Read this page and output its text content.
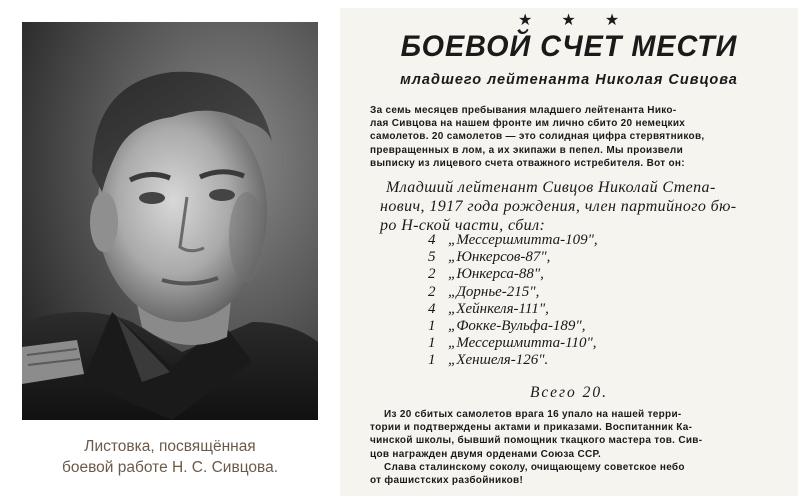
Листовка, посвящённая
боевой работе Н. С. Сивцова.
★ ★ ★
БОЕВОЙ СЧЕТ МЕСТИ
младшего лейтенанта Николая Сивцова
За семь месяцев пребывания младшего лейтенанта Нико-
лая Сивцова на нашем фронте им лично сбито 20 немецких
самолетов. 20 самолетов — это солидная цифра стервятников,
превращенных в лом, а их экипажи в пепел. Мы произвели
выписку из лицевого счета отважного истребителя. Вот он:
Младший лейтенант Сивцов Николай Степа-
нович, 1917 года рождения, член партийного бю-
ро Н-ской части, сбил:
4 „Мессершмитта-109",
5 „Юнкерсов-87",
2 „Юнкерса-88",
2 „Дорнье-215",
4 „Хейнкеля-111",
1 „Фокке-Вульфа-189",
1 „Мессершмитта-110",
1 „Хеншеля-126".
Всего 20.
Из 20 сбитых самолетов врага 16 упало на нашей терри-
тории и подтверждены актами и приказами. Воспитанник Ка-
чинской школы, бывший помощник ткацкого мастера тов. Сив-
цов награжден двумя орденами Союза ССР.
Слава сталинскому соколу, очищающему советское небо
от фашистских разбойников!
